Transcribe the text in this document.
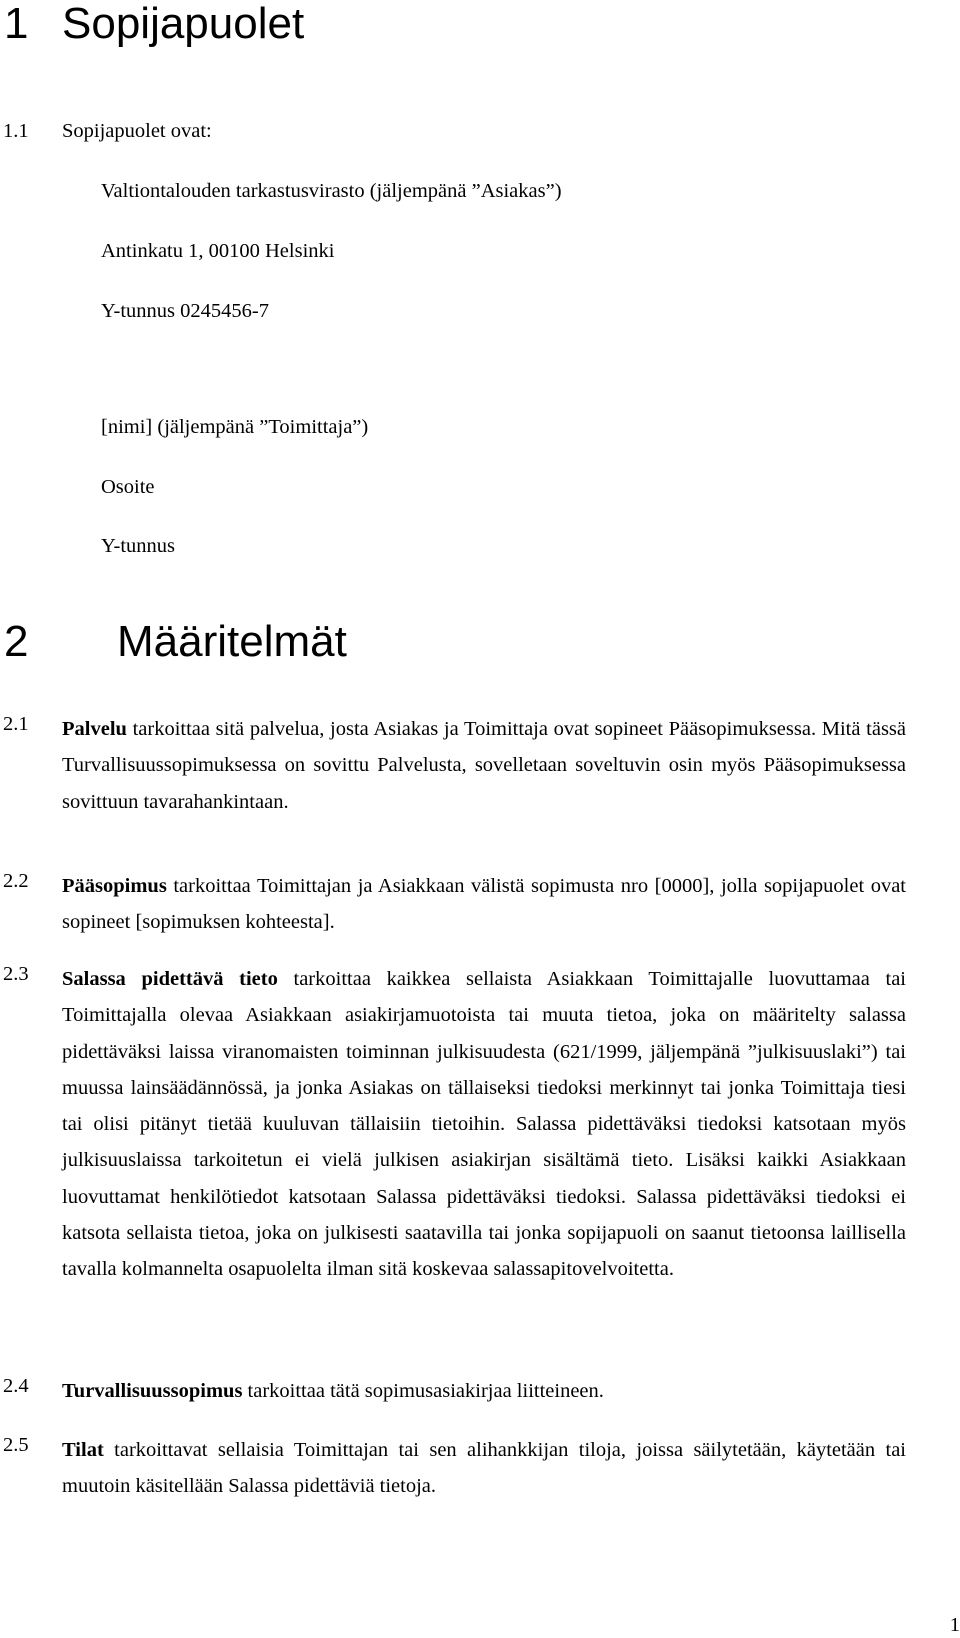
1 Sopijapuolet
1.1 Sopijapuolet ovat:
Valtiontalouden tarkastusvirasto (jäljempänä ”Asiakas”)
Antinkatu 1, 00100 Helsinki
Y-tunnus 0245456-7
[nimi] (jäljempänä ”Toimittaja”)
Osoite
Y-tunnus
2 Määritelmät
2.1 Palvelu tarkoittaa sitä palvelua, josta Asiakas ja Toimittaja ovat sopineet Pääsopimuksessa. Mitä tässä Turvallisuussopimuksessa on sovittu Palvelusta, sovelletaan soveltuvin osin myös Pääsopimuksessa sovittuun tavarahankintaan.
2.2 Pääsopimus tarkoittaa Toimittajan ja Asiakkaan välistä sopimusta nro [0000], jolla sopijapuolet ovat sopineet [sopimuksen kohteesta].
2.3 Salassa pidettävä tieto tarkoittaa kaikkea sellaista Asiakkaan Toimittajalle luovuttamaa tai Toimittajalla olevaa Asiakkaan asiakirjamuotoista tai muuta tietoa, joka on määritelty salassa pidettäväksi laissa viranomaisten toiminnan julkisuudesta (621/1999, jäljempänä ”julkisuuslaki”) tai muussa lainsäädännössä, ja jonka Asiakas on tällaiseksi tiedoksi merkinnyt tai jonka Toimittaja tiesi tai olisi pitänyt tietää kuuluvan tällaisiin tietoihin. Salassa pidettäväksi tiedoksi katsotaan myös julkisuuslaissa tarkoitetun ei vielä julkisen asiakirjan sisältämä tieto. Lisäksi kaikki Asiakkaan luovuttamat henkilötiedot katsotaan Salassa pidettäväksi tiedoksi. Salassa pidettäväksi tiedoksi ei katsota sellaista tietoa, joka on julkisesti saatavilla tai jonka sopijapuoli on saanut tietoonsa laillisella tavalla kolmannelta osapuolelta ilman sitä koskevaa salassapitovelvoitetta.
2.4 Turvallisuussopimus tarkoittaa tätä sopimusasiakirjaa liitteineen.
2.5 Tilat tarkoittavat sellaisia Toimittajan tai sen alihankkijan tiloja, joissa säilytetään, käytetään tai muutoin käsitellään Salassa pidettäviä tietoja.
1
